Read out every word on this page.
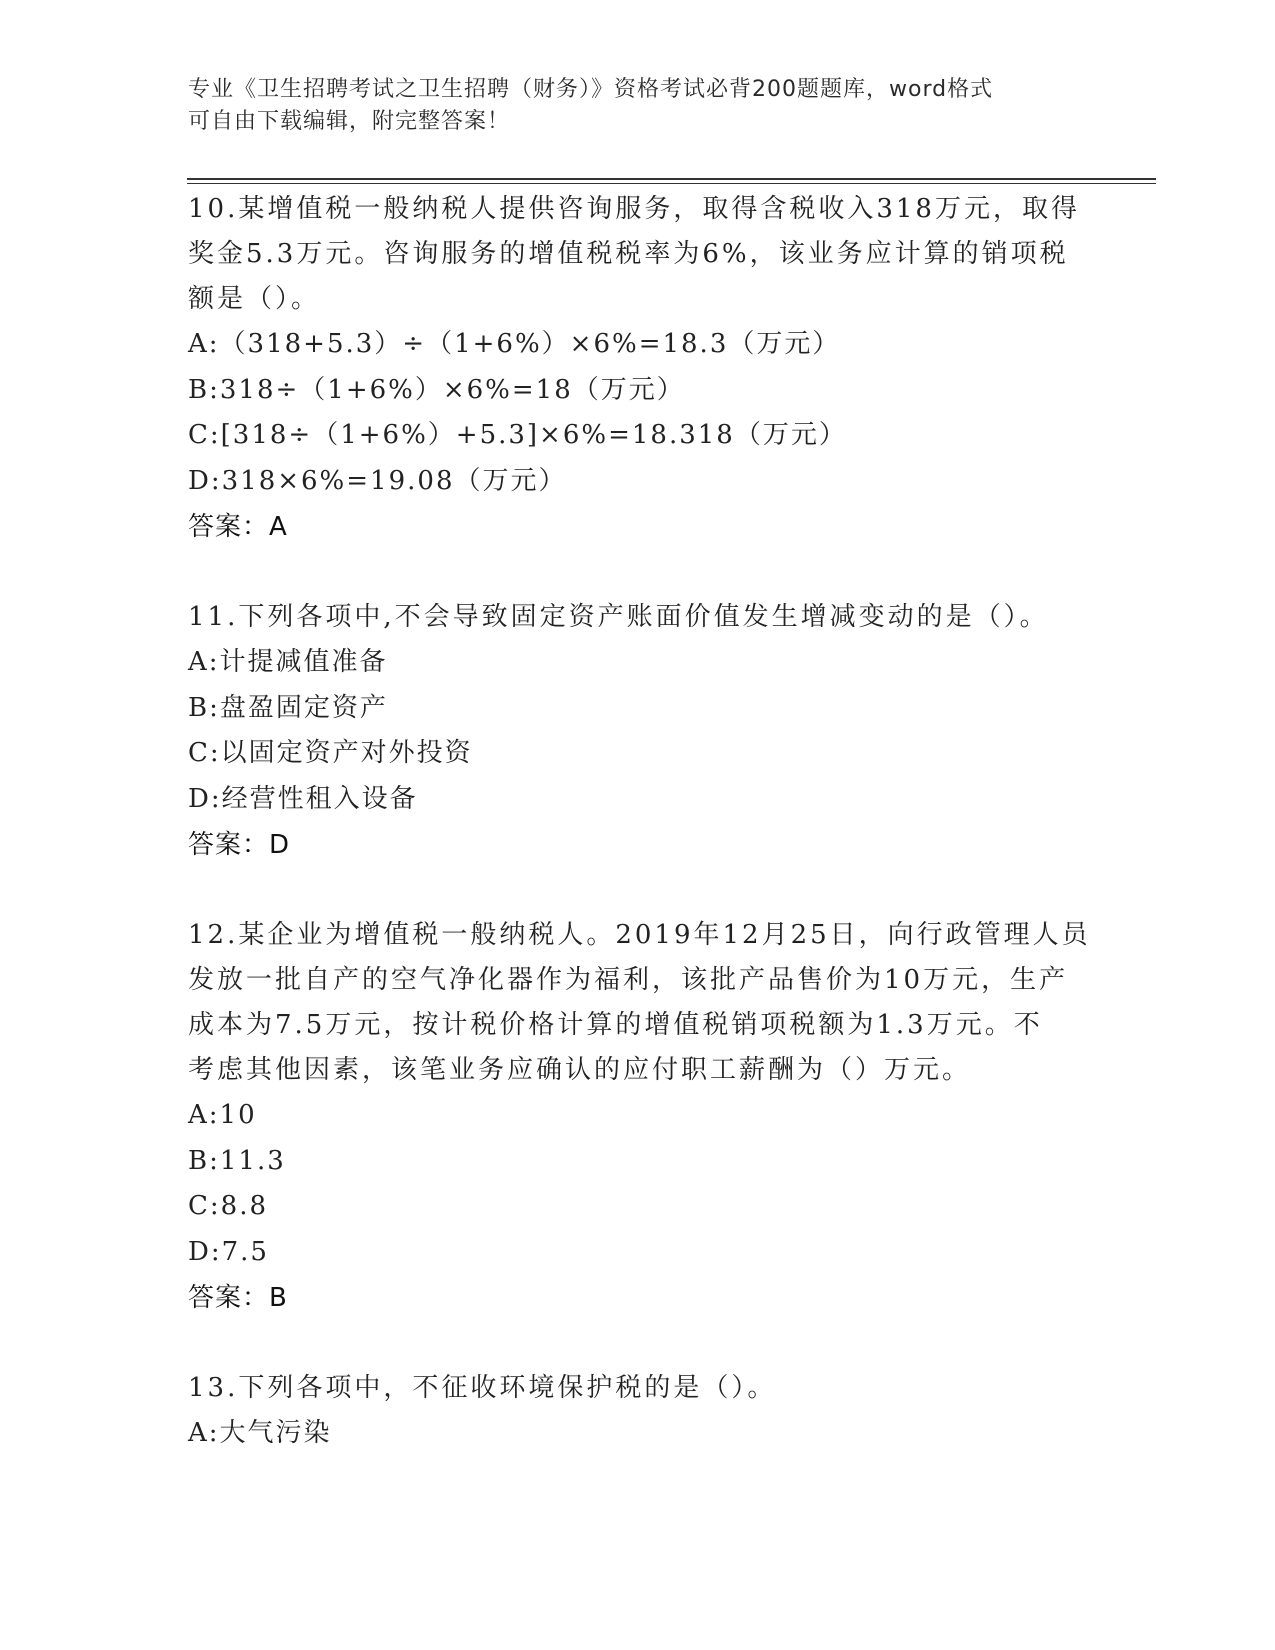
专业《卫生招聘考试之卫生招聘（财务）》资格考试必背200题题库，word格式
可自由下载编辑，附完整答案！
10.某增值税一般纳税人提供咨询服务，取得含税收入318万元，取得
奖金5.3万元。咨询服务的增值税税率为6%，该业务应计算的销项税
额是（）。
A:（318+5.3）÷（1+6%）×6%=18.3（万元）
B:318÷（1+6%）×6%=18（万元）
C:[318÷（1+6%）+5.3]×6%=18.318（万元）
D:318×6%=19.08（万元）
答案：A
11.下列各项中,不会导致固定资产账面价值发生增减变动的是（）。
A:计提减值准备
B:盘盈固定资产
C:以固定资产对外投资
D:经营性租入设备
答案：D
12.某企业为增值税一般纳税人。2019年12月25日，向行政管理人员
发放一批自产的空气净化器作为福利，该批产品售价为10万元，生产
成本为7.5万元，按计税价格计算的增值税销项税额为1.3万元。不
考虑其他因素，该笔业务应确认的应付职工薪酬为（）万元。
A:10
B:11.3
C:8.8
D:7.5
答案：B
13.下列各项中，不征收环境保护税的是（）。
A:大气污染
